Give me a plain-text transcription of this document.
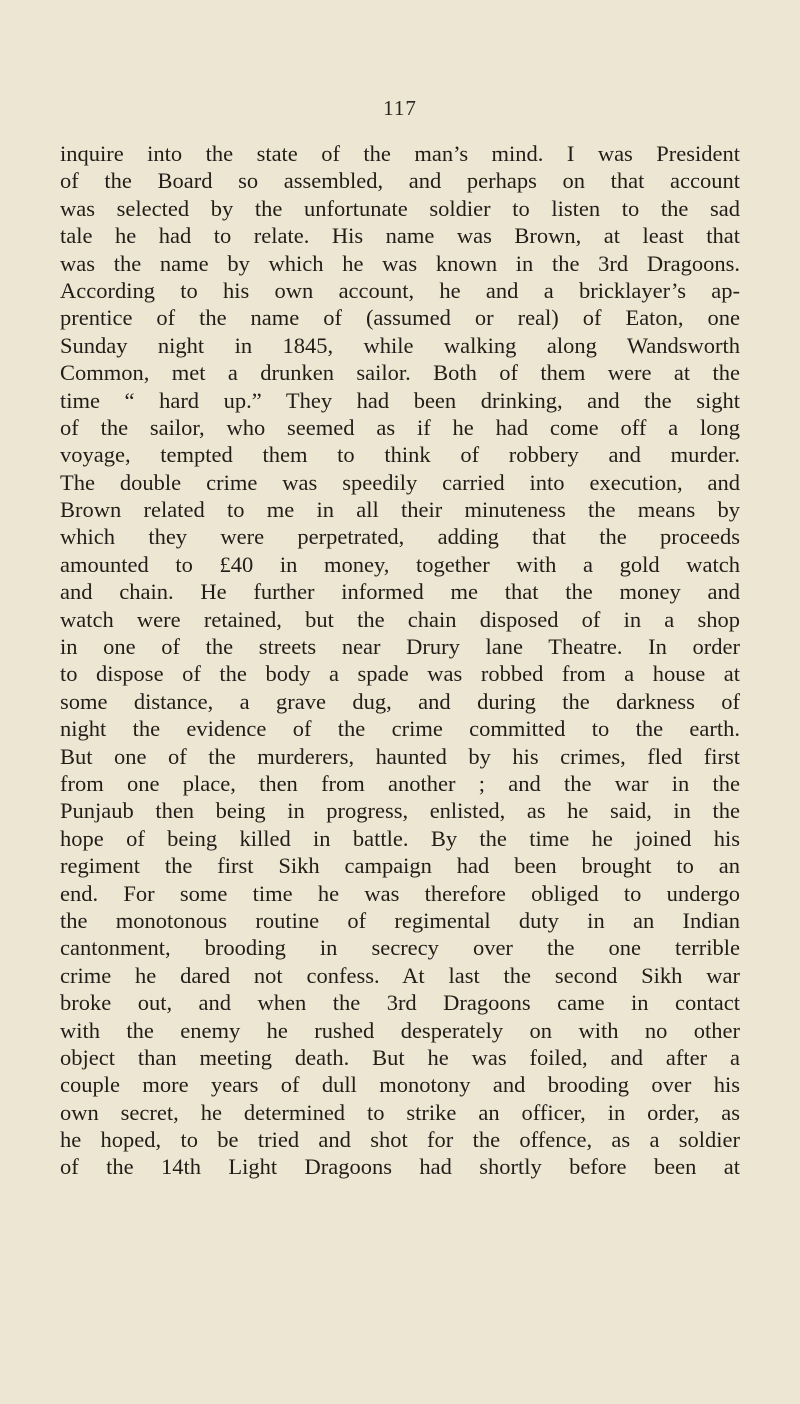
117
inquire into the state of the man’s mind. I was President
of the Board so assembled, and perhaps on that account
was selected by the unfortunate soldier to listen to the sad
tale he had to relate. His name was Brown, at least that
was the name by which he was known in the 3rd Dragoons.
According to his own account, he and a bricklayer’s ap-
prentice of the name of (assumed or real) of Eaton, one
Sunday night in 1845, while walking along Wandsworth
Common, met a drunken sailor. Both of them were at the
time “ hard up.” They had been drinking, and the sight
of the sailor, who seemed as if he had come off a long
voyage, tempted them to think of robbery and murder.
The double crime was speedily carried into execution, and
Brown related to me in all their minuteness the means by
which they were perpetrated, adding that the proceeds
amounted to £40 in money, together with a gold watch
and chain. He further informed me that the money and
watch were retained, but the chain disposed of in a shop
in one of the streets near Drury lane Theatre. In order
to dispose of the body a spade was robbed from a house at
some distance, a grave dug, and during the darkness of
night the evidence of the crime committed to the earth.
But one of the murderers, haunted by his crimes, fled first
from one place, then from another ; and the war in the
Punjaub then being in progress, enlisted, as he said, in the
hope of being killed in battle. By the time he joined his
regiment the first Sikh campaign had been brought to an
end. For some time he was therefore obliged to undergo
the monotonous routine of regimental duty in an Indian
cantonment, brooding in secrecy over the one terrible
crime he dared not confess. At last the second Sikh war
broke out, and when the 3rd Dragoons came in contact
with the enemy he rushed desperately on with no other
object than meeting death. But he was foiled, and after a
couple more years of dull monotony and brooding over his
own secret, he determined to strike an officer, in order, as
he hoped, to be tried and shot for the offence, as a soldier
of the 14th Light Dragoons had shortly before been at
